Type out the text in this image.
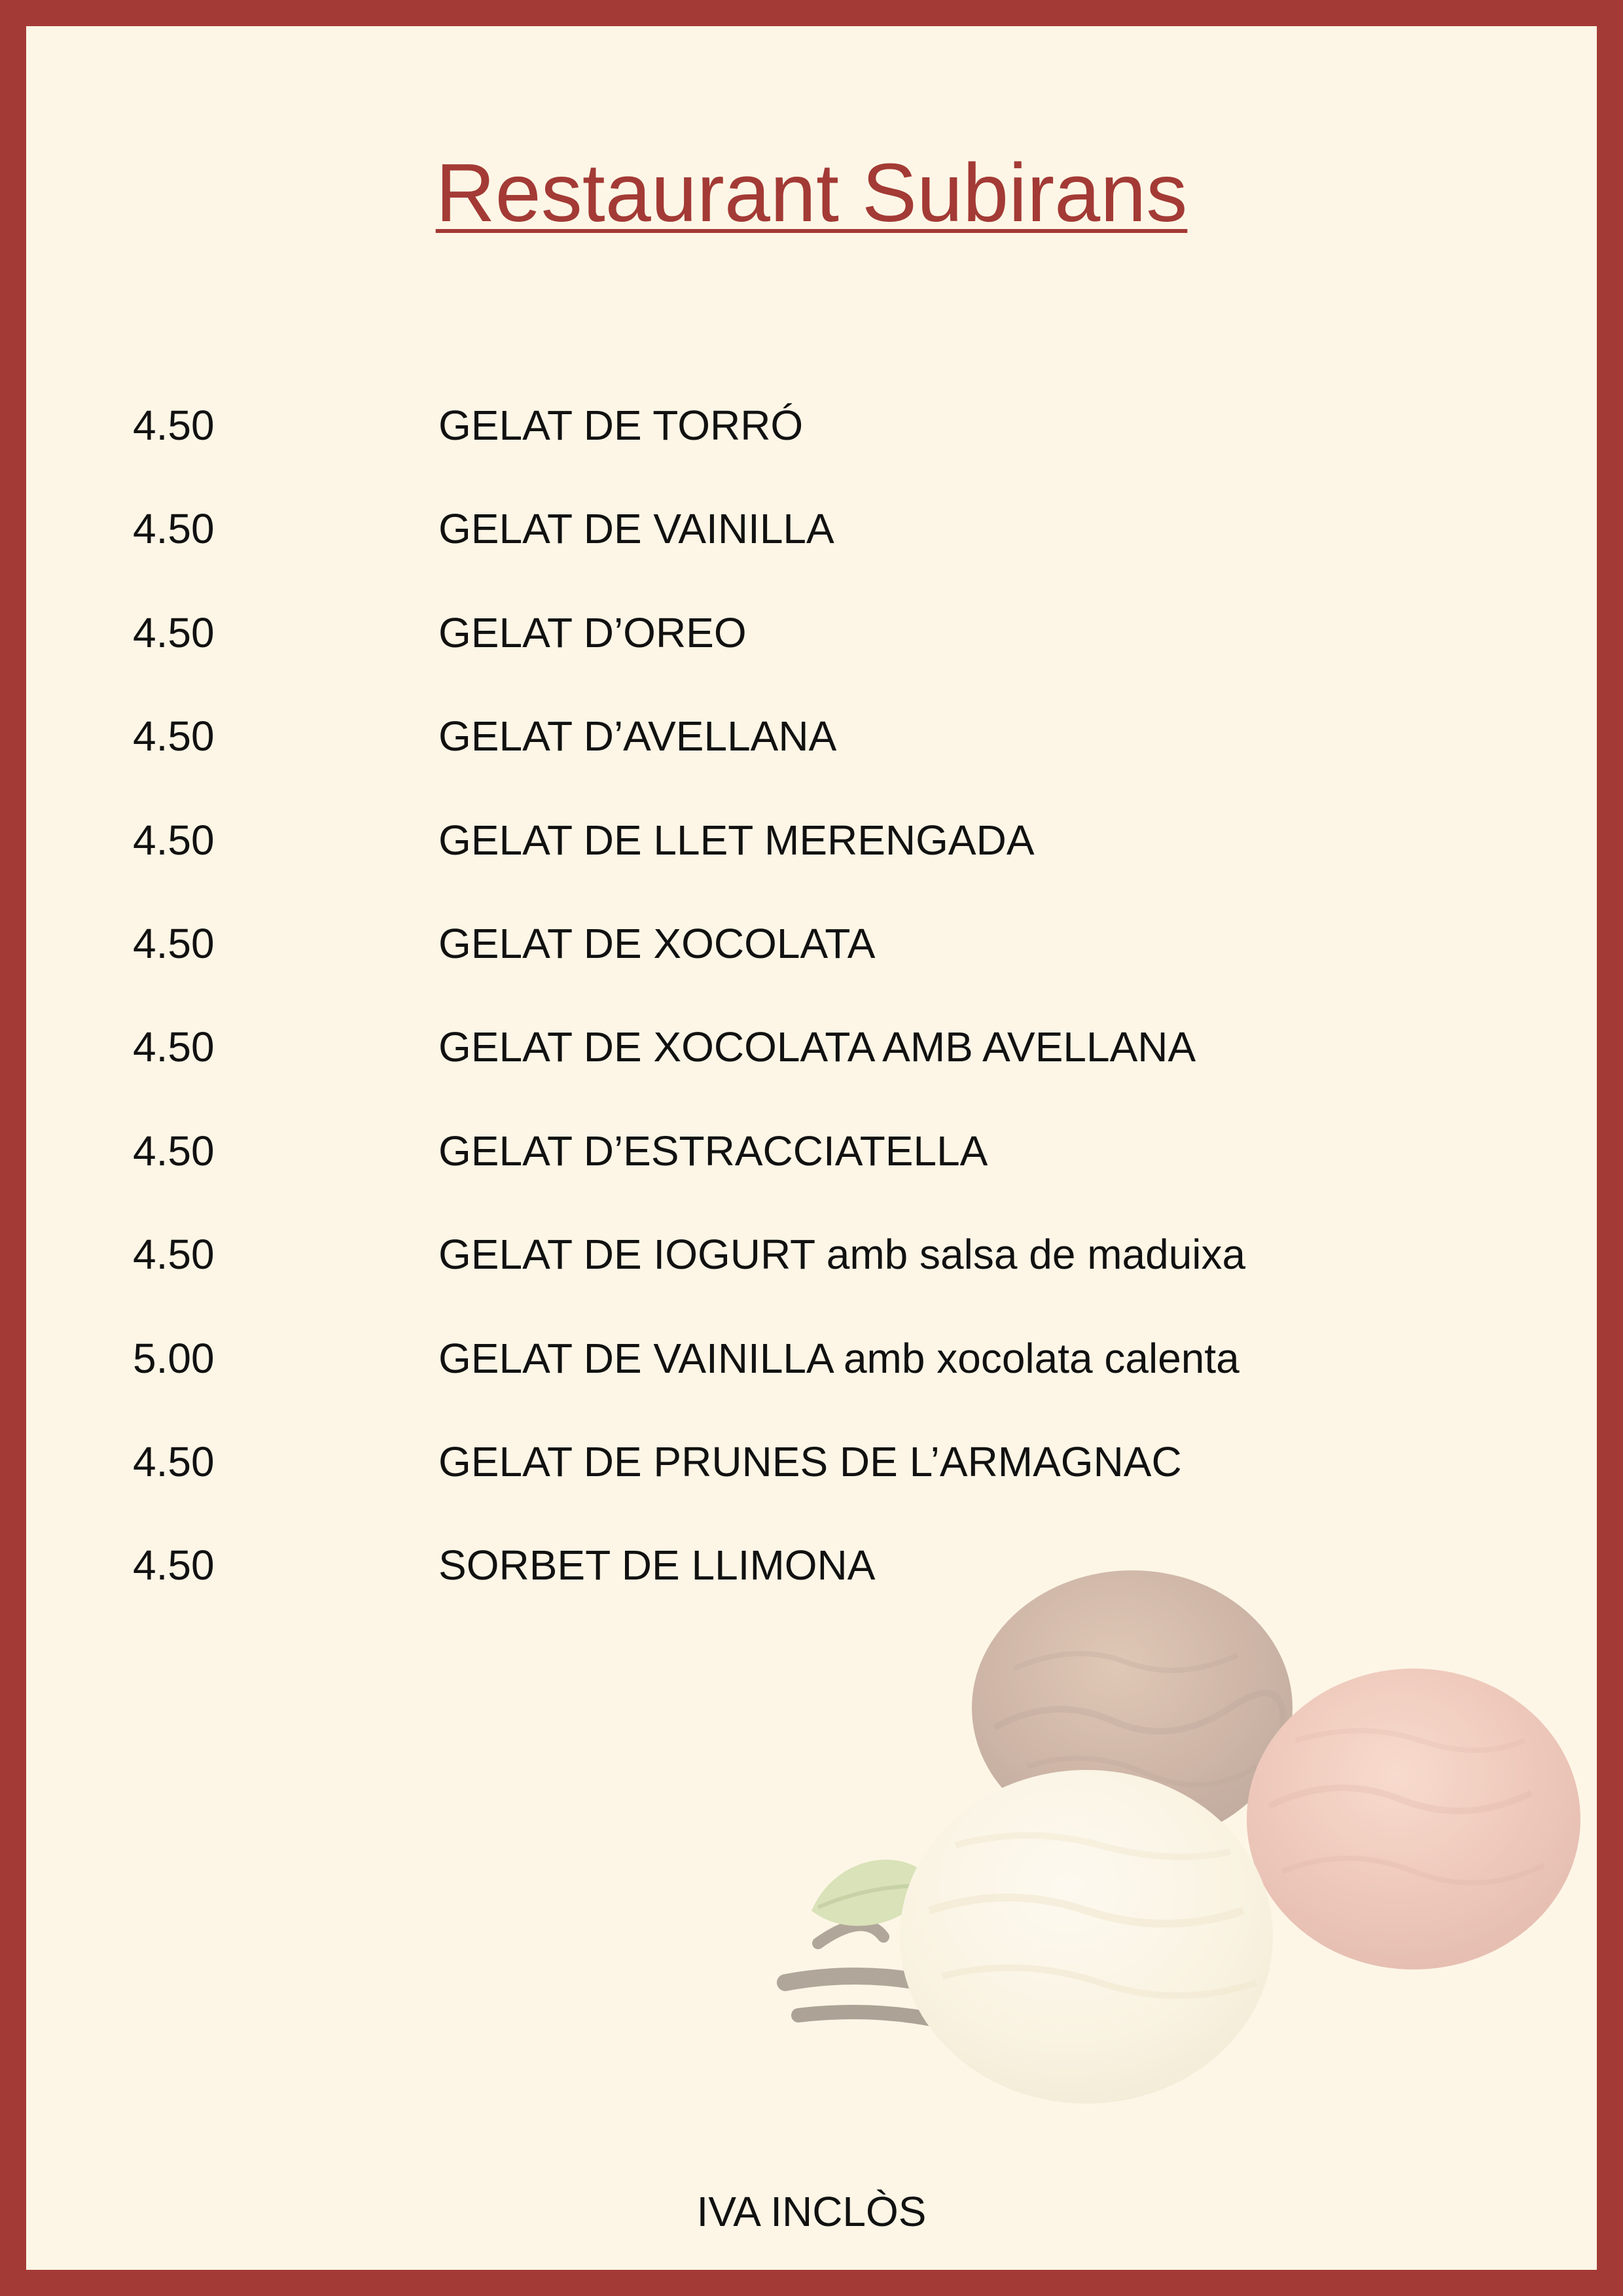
Restaurant Subirans
4.50	GELAT DE TORRÓ
4.50	GELAT DE VAINILLA
4.50	GELAT D’OREO
4.50	GELAT D’AVELLANA
4.50	GELAT DE LLET MERENGADA
4.50	GELAT DE XOCOLATA
4.50	GELAT DE XOCOLATA AMB AVELLANA
4.50	GELAT D’ESTRACCIATELLA
4.50	GELAT DE IOGURT amb salsa de maduixa
5.00	GELAT DE VAINILLA amb xocolata calenta
4.50	GELAT DE PRUNES DE L’ARMAGNAC
4.50	SORBET DE LLIMONA
IVA INCLÒS
